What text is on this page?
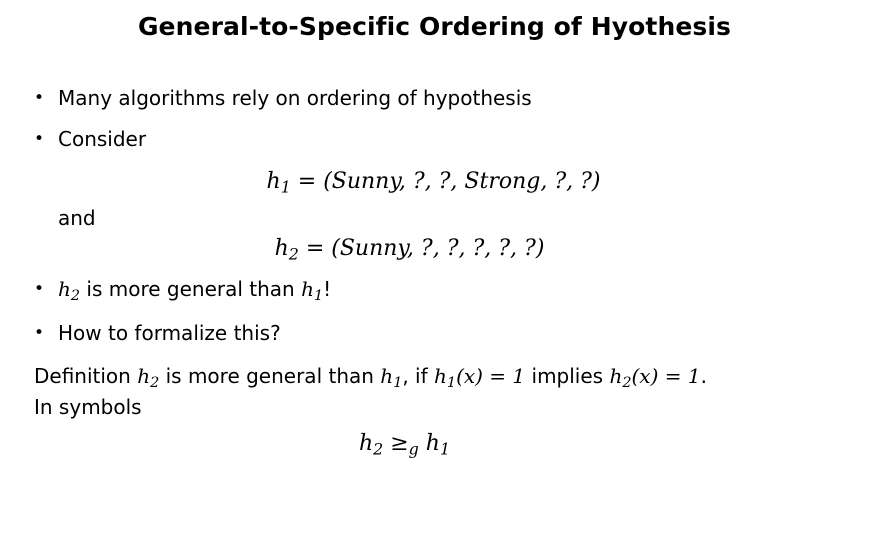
General-to-Specific Ordering of Hyothesis
• Many algorithms rely on ordering of hypothesis
• Consider
$h_1$ = (Sunny, ?, ?, Strong, ?, ?)
and
$h_2$ = (Sunny, ?, ?, ?, ?, ?)
• $h_2$ is more general than $h_1$!
• How to formalize this?
Definition $h_2$ is more general than $h_1$, if $h_1(x) = 1$ implies $h_2(x) = 1$.
In symbols
$h_2 \ge_g$ $h_1$
